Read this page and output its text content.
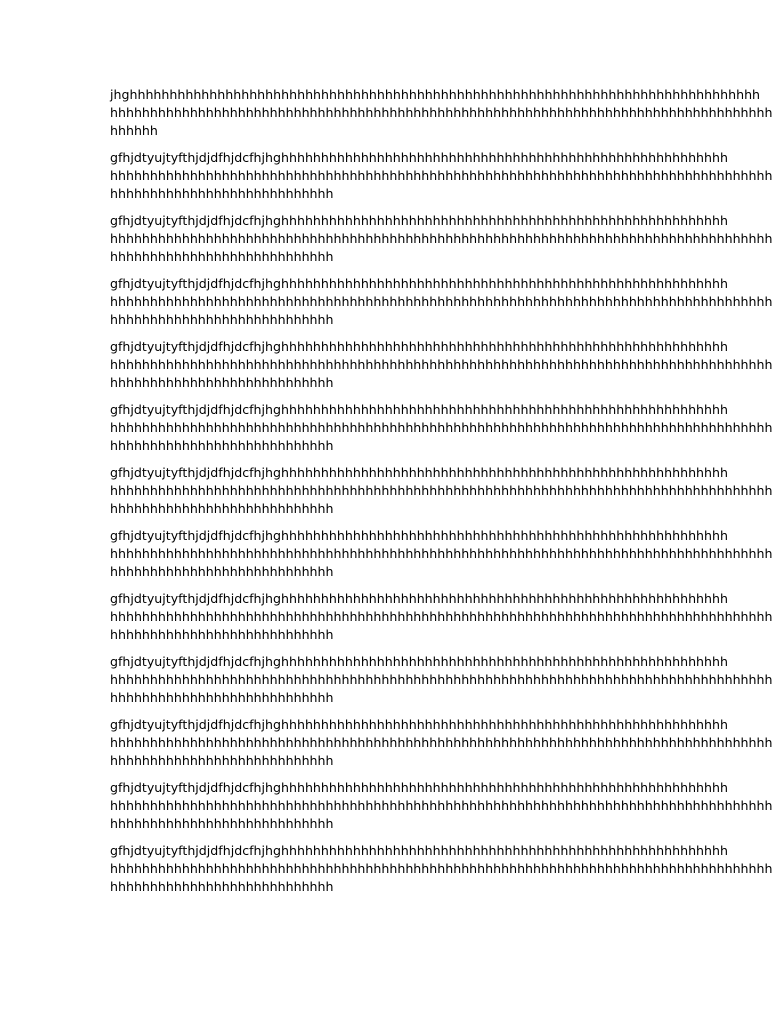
jhghhhhhhhhhhhhhhhhhhhhhhhhhhhhhhhhhhhhhhhhhhhhhhhhhhhhhhhhhhhhhhhhhhhhhhhhhhhhhhh
hhhhhhhhhhhhhhhhhhhhhhhhhhhhhhhhhhhhhhhhhhhhhhhhhhhhhhhhhhhhhhhhhhhhhhhhhhhhhhhhhhh
hhhhhh

gfhjdtyujtyfthjdjdfhjdcfhjhghhhhhhhhhhhhhhhhhhhhhhhhhhhhhhhhhhhhhhhhhhhhhhhhhhhhhhhh
hhhhhhhhhhhhhhhhhhhhhhhhhhhhhhhhhhhhhhhhhhhhhhhhhhhhhhhhhhhhhhhhhhhhhhhhhhhhhhhhhhh
hhhhhhhhhhhhhhhhhhhhhhhhhhhh

gfhjdtyujtyfthjdjdfhjdcfhjhghhhhhhhhhhhhhhhhhhhhhhhhhhhhhhhhhhhhhhhhhhhhhhhhhhhhhhhh
hhhhhhhhhhhhhhhhhhhhhhhhhhhhhhhhhhhhhhhhhhhhhhhhhhhhhhhhhhhhhhhhhhhhhhhhhhhhhhhhhhh
hhhhhhhhhhhhhhhhhhhhhhhhhhhh

gfhjdtyujtyfthjdjdfhjdcfhjhghhhhhhhhhhhhhhhhhhhhhhhhhhhhhhhhhhhhhhhhhhhhhhhhhhhhhhhh
hhhhhhhhhhhhhhhhhhhhhhhhhhhhhhhhhhhhhhhhhhhhhhhhhhhhhhhhhhhhhhhhhhhhhhhhhhhhhhhhhhh
hhhhhhhhhhhhhhhhhhhhhhhhhhhh

gfhjdtyujtyfthjdjdfhjdcfhjhghhhhhhhhhhhhhhhhhhhhhhhhhhhhhhhhhhhhhhhhhhhhhhhhhhhhhhhh
hhhhhhhhhhhhhhhhhhhhhhhhhhhhhhhhhhhhhhhhhhhhhhhhhhhhhhhhhhhhhhhhhhhhhhhhhhhhhhhhhhh
hhhhhhhhhhhhhhhhhhhhhhhhhhhh

gfhjdtyujtyfthjdjdfhjdcfhjhghhhhhhhhhhhhhhhhhhhhhhhhhhhhhhhhhhhhhhhhhhhhhhhhhhhhhhhh
hhhhhhhhhhhhhhhhhhhhhhhhhhhhhhhhhhhhhhhhhhhhhhhhhhhhhhhhhhhhhhhhhhhhhhhhhhhhhhhhhhh
hhhhhhhhhhhhhhhhhhhhhhhhhhhh

gfhjdtyujtyfthjdjdfhjdcfhjhghhhhhhhhhhhhhhhhhhhhhhhhhhhhhhhhhhhhhhhhhhhhhhhhhhhhhhhh
hhhhhhhhhhhhhhhhhhhhhhhhhhhhhhhhhhhhhhhhhhhhhhhhhhhhhhhhhhhhhhhhhhhhhhhhhhhhhhhhhhh
hhhhhhhhhhhhhhhhhhhhhhhhhhhh

gfhjdtyujtyfthjdjdfhjdcfhjhghhhhhhhhhhhhhhhhhhhhhhhhhhhhhhhhhhhhhhhhhhhhhhhhhhhhhhhh
hhhhhhhhhhhhhhhhhhhhhhhhhhhhhhhhhhhhhhhhhhhhhhhhhhhhhhhhhhhhhhhhhhhhhhhhhhhhhhhhhhh
hhhhhhhhhhhhhhhhhhhhhhhhhhhh

gfhjdtyujtyfthjdjdfhjdcfhjhghhhhhhhhhhhhhhhhhhhhhhhhhhhhhhhhhhhhhhhhhhhhhhhhhhhhhhhh
hhhhhhhhhhhhhhhhhhhhhhhhhhhhhhhhhhhhhhhhhhhhhhhhhhhhhhhhhhhhhhhhhhhhhhhhhhhhhhhhhhh
hhhhhhhhhhhhhhhhhhhhhhhhhhhh

gfhjdtyujtyfthjdjdfhjdcfhjhghhhhhhhhhhhhhhhhhhhhhhhhhhhhhhhhhhhhhhhhhhhhhhhhhhhhhhhh
hhhhhhhhhhhhhhhhhhhhhhhhhhhhhhhhhhhhhhhhhhhhhhhhhhhhhhhhhhhhhhhhhhhhhhhhhhhhhhhhhhh
hhhhhhhhhhhhhhhhhhhhhhhhhhhh

gfhjdtyujtyfthjdjdfhjdcfhjhghhhhhhhhhhhhhhhhhhhhhhhhhhhhhhhhhhhhhhhhhhhhhhhhhhhhhhhh
hhhhhhhhhhhhhhhhhhhhhhhhhhhhhhhhhhhhhhhhhhhhhhhhhhhhhhhhhhhhhhhhhhhhhhhhhhhhhhhhhhh
hhhhhhhhhhhhhhhhhhhhhhhhhhhh

gfhjdtyujtyfthjdjdfhjdcfhjhghhhhhhhhhhhhhhhhhhhhhhhhhhhhhhhhhhhhhhhhhhhhhhhhhhhhhhhh
hhhhhhhhhhhhhhhhhhhhhhhhhhhhhhhhhhhhhhhhhhhhhhhhhhhhhhhhhhhhhhhhhhhhhhhhhhhhhhhhhhh
hhhhhhhhhhhhhhhhhhhhhhhhhhhh

gfhjdtyujtyfthjdjdfhjdcfhjhghhhhhhhhhhhhhhhhhhhhhhhhhhhhhhhhhhhhhhhhhhhhhhhhhhhhhhhh
hhhhhhhhhhhhhhhhhhhhhhhhhhhhhhhhhhhhhhhhhhhhhhhhhhhhhhhhhhhhhhhhhhhhhhhhhhhhhhhhhhh
hhhhhhhhhhhhhhhhhhhhhhhhhhhh
